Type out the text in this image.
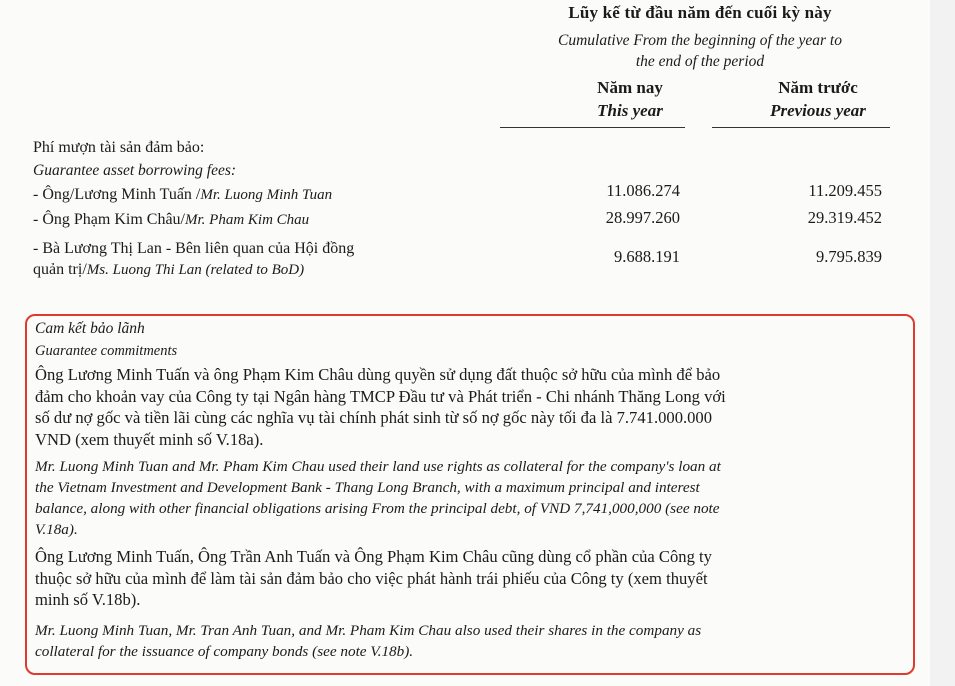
Lũy kế từ đầu năm đến cuối kỳ này
Cumulative From the beginning of the year to
the end of the period
Năm nay
This year
Năm trước
Previous year
Phí mượn tài sản đảm bảo:
Guarantee asset borrowing fees:
- Ông/Lương Minh Tuấn /Mr. Luong Minh Tuan	11.086.274	11.209.455
- Ông Phạm Kim Châu/Mr. Pham Kim Chau	28.997.260	29.319.452
- Bà Lương Thị Lan - Bên liên quan của Hội đồng
quản trị/Ms. Luong Thi Lan (related to BoD)
9.688.191	9.795.839
Cam kết bảo lãnh
Guarantee commitments
Ông Lương Minh Tuấn và ông Phạm Kim Châu dùng quyền sử dụng đất thuộc sở hữu của mình để bảo
đảm cho khoản vay của Công ty tại Ngân hàng TMCP Đầu tư và Phát triển - Chi nhánh Thăng Long với
số dư nợ gốc và tiền lãi cùng các nghĩa vụ tài chính phát sinh từ số nợ gốc này tối đa là 7.741.000.000
VND (xem thuyết minh số V.18a).
Mr. Luong Minh Tuan and Mr. Pham Kim Chau used their land use rights as collateral for the company's loan at
the Vietnam Investment and Development Bank - Thang Long Branch, with a maximum principal and interest
balance, along with other financial obligations arising From the principal debt, of VND 7,741,000,000 (see note
V.18a).
Ông Lương Minh Tuấn, Ông Trần Anh Tuấn và Ông Phạm Kim Châu cũng dùng cổ phần của Công ty
thuộc sở hữu của mình để làm tài sản đảm bảo cho việc phát hành trái phiếu của Công ty (xem thuyết
minh số V.18b).
Mr. Luong Minh Tuan, Mr. Tran Anh Tuan, and Mr. Pham Kim Chau also used their shares in the company as
collateral for the issuance of company bonds (see note V.18b).
